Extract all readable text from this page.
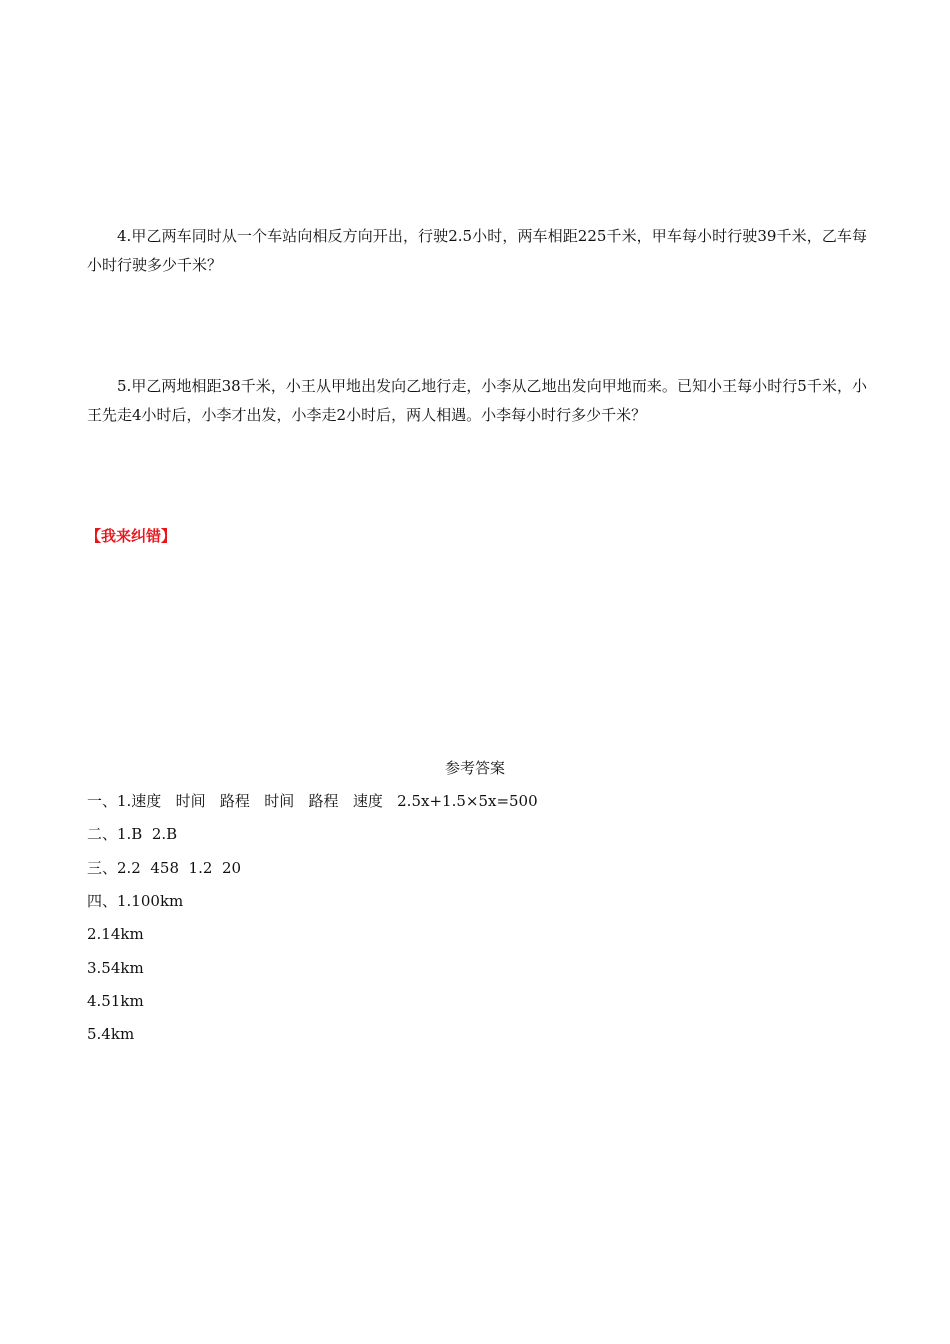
4.甲乙两车同时从一个车站向相反方向开出，行驶2.5小时，两车相距225千米，甲车每小时行驶39千米，乙车每小时行驶多少千米？

5.甲乙两地相距38千米，小王从甲地出发向乙地行走，小李从乙地出发向甲地而来。已知小王每小时行5千米，小王先走4小时后，小李才出发，小李走2小时后，两人相遇。小李每小时行多少千米？

【我来纠错】

参考答案

一、1.速度   时间   路程   时间   路程   速度   2.5x+1.5×5x=500

二、1.B  2.B

三、2.2  458  1.2  20

四、1.100km

2.14km

3.54km

4.51km

5.4km
